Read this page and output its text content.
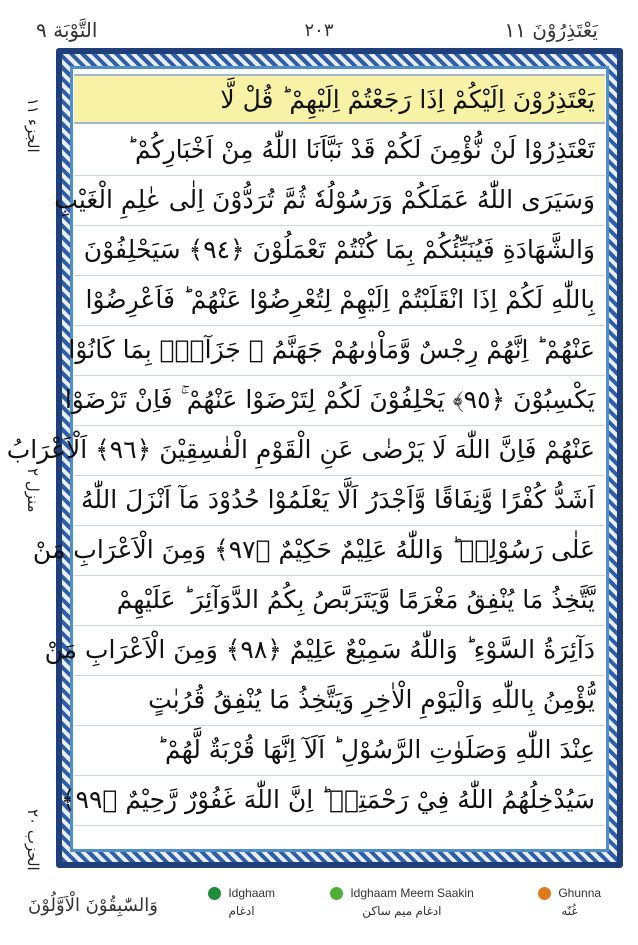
التَّوْبَة ٩	٢٠٣	يَعْتَذِرُوْنَ ١١
الجزء ١١
منزل ٢
الحزب ٢٠
يَعْتَذِرُوْنَ اِلَيْكُمْ اِذَا رَجَعْتُمْ اِلَيْهِمْ ؕ قُلْ لَّا
تَعْتَذِرُوْا لَنْ نُّؤْمِنَ لَكُمْ قَدْ نَبَّاَنَا اللّٰهُ مِنْ اَخْبَارِكُمْ ؕ
وَسَيَرَى اللّٰهُ عَمَلَكُمْ وَرَسُوْلُهٗ ثُمَّ تُرَدُّوْنَ اِلٰى عٰلِمِ الْغَيْبِ
وَالشَّهَادَةِ فَيُنَبِّئُكُمْ بِمَا كُنْتُمْ تَعْمَلُوْنَ ﴿٩٤﴾ سَيَحْلِفُوْنَ
بِاللّٰهِ لَكُمْ اِذَا انْقَلَبْتُمْ اِلَيْهِمْ لِتُعْرِضُوْا عَنْهُمْ ؕ فَاَعْرِضُوْا
عَنْهُمْ ؕ اِنَّهُمْ رِجْسٌ وَّمَاْوٰىهُمْ جَهَنَّمُ ۚ جَزَآءًۢ بِمَا كَانُوْا
يَكْسِبُوْنَ ﴿٩٥﴾ يَحْلِفُوْنَ لَكُمْ لِتَرْضَوْا عَنْهُمْ ۚ فَاِنْ تَرْضَوْا
عَنْهُمْ فَاِنَّ اللّٰهَ لَا يَرْضٰى عَنِ الْقَوْمِ الْفٰسِقِيْنَ ﴿٩٦﴾ اَلْاَعْرَابُ
اَشَدُّ كُفْرًا وَّنِفَاقًا وَّاَجْدَرُ اَلَّا يَعْلَمُوْا حُدُوْدَ مَآ اَنْزَلَ اللّٰهُ
عَلٰى رَسُوْلِهٖ ؕ وَاللّٰهُ عَلِيْمٌ حَكِيْمٌ ﴿٩٧﴾ وَمِنَ الْاَعْرَابِ مَنْ
يَّتَّخِذُ مَا يُنْفِقُ مَغْرَمًا وَّيَتَرَبَّصُ بِكُمُ الدَّوَآئِرَ ؕ عَلَيْهِمْ
دَآئِرَةُ السَّوْءِ ؕ وَاللّٰهُ سَمِيْعٌ عَلِيْمٌ ﴿٩٨﴾ وَمِنَ الْاَعْرَابِ مَنْ
يُّؤْمِنُ بِاللّٰهِ وَالْيَوْمِ الْاٰخِرِ وَيَتَّخِذُ مَا يُنْفِقُ قُرُبٰتٍ
عِنْدَ اللّٰهِ وَصَلَوٰتِ الرَّسُوْلِ ؕ اَلَآ اِنَّهَا قُرْبَةٌ لَّهُمْ ؕ
سَيُدْخِلُهُمُ اللّٰهُ فِيْ رَحْمَتِهٖ ؕ اِنَّ اللّٰهَ غَفُوْرٌ رَّحِيْمٌ ﴿٩٩﴾
وَالسّٰبِقُوْنَ الْاَوَّلُوْنَ
Idghaam
ادغام
Idghaam Meem Saakin
ادغام میم ساکن
Ghunna
غُنّه
